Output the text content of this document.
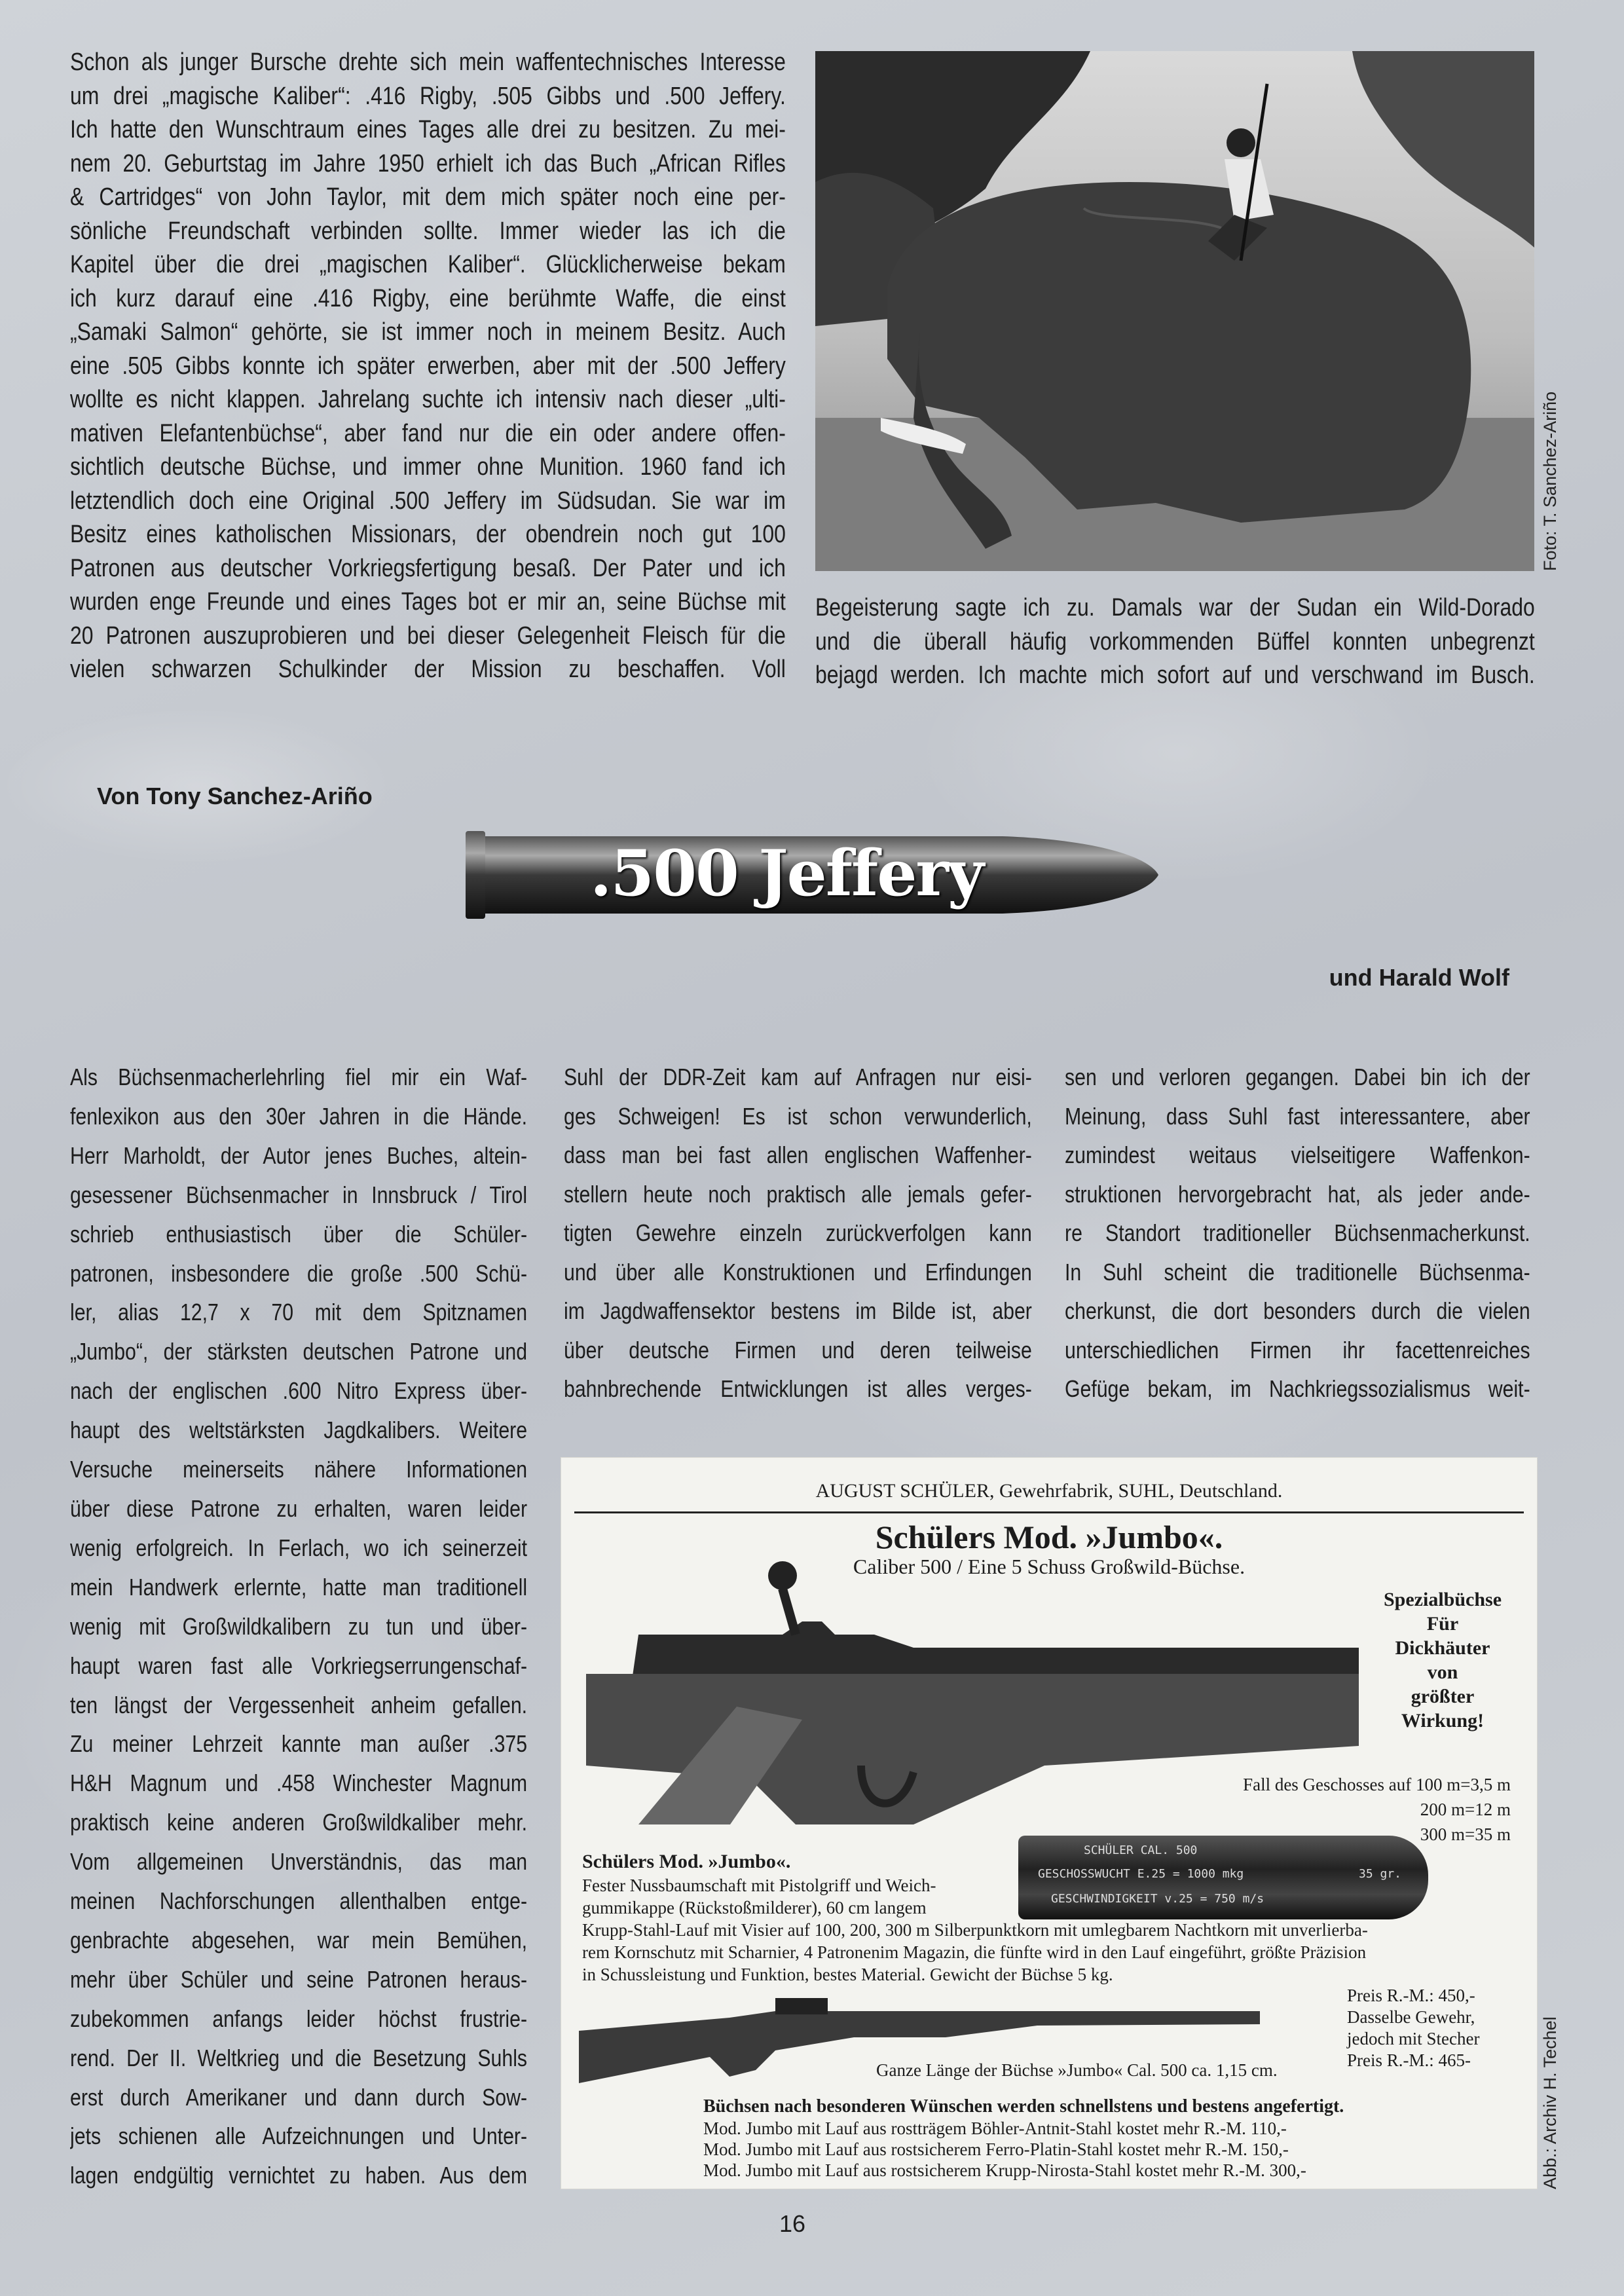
Schon als junger Bursche drehte sich mein waffentechnisches Interesse
um drei „magische Kaliber“: .416 Rigby, .505 Gibbs und .500 Jeffery.
Ich hatte den Wunschtraum eines Tages alle drei zu besitzen. Zu mei-
nem 20. Geburtstag im Jahre 1950 erhielt ich das Buch „African Rifles
& Cartridges“ von John Taylor, mit dem mich später noch eine per-
sönliche Freundschaft verbinden sollte. Immer wieder las ich die
Kapitel über die drei „magischen Kaliber“. Glücklicherweise bekam
ich kurz darauf eine .416 Rigby, eine berühmte Waffe, die einst
„Samaki Salmon“ gehörte, sie ist immer noch in meinem Besitz. Auch
eine .505 Gibbs konnte ich später erwerben, aber mit der .500 Jeffery
wollte es nicht klappen. Jahrelang suchte ich intensiv nach dieser „ulti-
mativen Elefantenbüchse“, aber fand nur die ein oder andere offen-
sichtlich deutsche Büchse, und immer ohne Munition. 1960 fand ich
letztendlich doch eine Original .500 Jeffery im Südsudan. Sie war im
Besitz eines katholischen Missionars, der obendrein noch gut 100
Patronen aus deutscher Vorkriegsfertigung besaß. Der Pater und ich
wurden enge Freunde und eines Tages bot er mir an, seine Büchse mit
20 Patronen auszuprobieren und bei dieser Gelegenheit Fleisch für die
vielen schwarzen Schulkinder der Mission zu beschaffen. Voll
Foto: T. Sanchez-Ariño
Begeisterung sagte ich zu. Damals war der Sudan ein Wild-Dorado
und die überall häufig vorkommenden Büffel konnten unbegrenzt
bejagd werden. Ich machte mich sofort auf und verschwand im Busch.
Von Tony Sanchez-Ariño
.500 Jeffery
und Harald Wolf
Als Büchsenmacherlehrling fiel mir ein Waf-
fenlexikon aus den 30er Jahren in die Hände.
Herr Marholdt, der Autor jenes Buches, altein-
gesessener Büchsenmacher in Innsbruck / Tirol
schrieb enthusiastisch über die Schüler-
patronen, insbesondere die große .500 Schü-
ler, alias 12,7 x 70 mit dem Spitznamen
„Jumbo“, der stärksten deutschen Patrone und
nach der englischen .600 Nitro Express über-
haupt des weltstärksten Jagdkalibers. Weitere
Versuche meinerseits nähere Informationen
über diese Patrone zu erhalten, waren leider
wenig erfolgreich. In Ferlach, wo ich seinerzeit
mein Handwerk erlernte, hatte man traditionell
wenig mit Großwildkalibern zu tun und über-
haupt waren fast alle Vorkriegserrungenschaf-
ten längst der Vergessenheit anheim gefallen.
Zu meiner Lehrzeit kannte man außer .375
H&H Magnum und .458 Winchester Magnum
praktisch keine anderen Großwildkaliber mehr.
Vom allgemeinen Unverständnis, das man
meinen Nachforschungen allenthalben entge-
genbrachte abgesehen, war mein Bemühen,
mehr über Schüler und seine Patronen heraus-
zubekommen anfangs leider höchst frustrie-
rend. Der II. Weltkrieg und die Besetzung Suhls
erst durch Amerikaner und dann durch Sow-
jets schienen alle Aufzeichnungen und Unter-
lagen endgültig vernichtet zu haben. Aus dem
Suhl der DDR-Zeit kam auf Anfragen nur eisi-
ges Schweigen! Es ist schon verwunderlich,
dass man bei fast allen englischen Waffenher-
stellern heute noch praktisch alle jemals gefer-
tigten Gewehre einzeln zurückverfolgen kann
und über alle Konstruktionen und Erfindungen
im Jagdwaffensektor bestens im Bilde ist, aber
über deutsche Firmen und deren teilweise
bahnbrechende Entwicklungen ist alles verges-
sen und verloren gegangen. Dabei bin ich der
Meinung, dass Suhl fast interessantere, aber
zumindest weitaus vielseitigere Waffenkon-
struktionen hervorgebracht hat, als jeder ande-
re Standort traditioneller Büchsenmacherkunst.
In Suhl scheint die traditionelle Büchsenma-
cherkunst, die dort besonders durch die vielen
unterschiedlichen Firmen ihr facettenreiches
Gefüge bekam, im Nachkriegssozialismus weit-
AUGUST SCHÜLER, Gewehrfabrik, SUHL, Deutschland.
Schülers Mod. »Jumbo«.
Caliber 500 / Eine 5 Schuss Großwild-Büchse.
Spezialbüchse
Für
Dickhäuter
von
größter
Wirkung!
Fall des Geschosses auf 100 m=3,5 m
200 m=12 m
300 m=35 m
SCHÜLER CAL. 500
GESCHOSSWUCHT E.25 = 1000 mkg
GESCHWINDIGKEIT v.25 = 750 m/s
35 gr.
Schülers Mod. »Jumbo«.
Fester Nussbaumschaft mit Pistolgriff und Weich-
gummikappe (Rückstoßmilderer), 60 cm langem
Krupp-Stahl-Lauf mit Visier auf 100, 200, 300 m Silberpunktkorn mit umlegbarem Nachtkorn mit unverlierba-
rem Kornschutz mit Scharnier, 4 Patronenim Magazin, die fünfte wird in den Lauf eingeführt, größte Präzision
in Schussleistung und Funktion, bestes Material. Gewicht der Büchse 5 kg.
Preis R.-M.: 450,-
Dasselbe Gewehr,
jedoch mit Stecher
Preis R.-M.: 465-
Ganze Länge der Büchse »Jumbo« Cal. 500 ca. 1,15 cm.
Büchsen nach besonderen Wünschen werden schnellstens und bestens angefertigt.
Mod. Jumbo mit Lauf aus rostträgem Böhler-Antnit-Stahl kostet mehr R.-M. 110,-
Mod. Jumbo mit Lauf aus rostsicherem Ferro-Platin-Stahl kostet mehr R.-M. 150,-
Mod. Jumbo mit Lauf aus rostsicherem Krupp-Nirosta-Stahl kostet mehr R.-M. 300,-	Abb.: Archiv H. Techel
16
